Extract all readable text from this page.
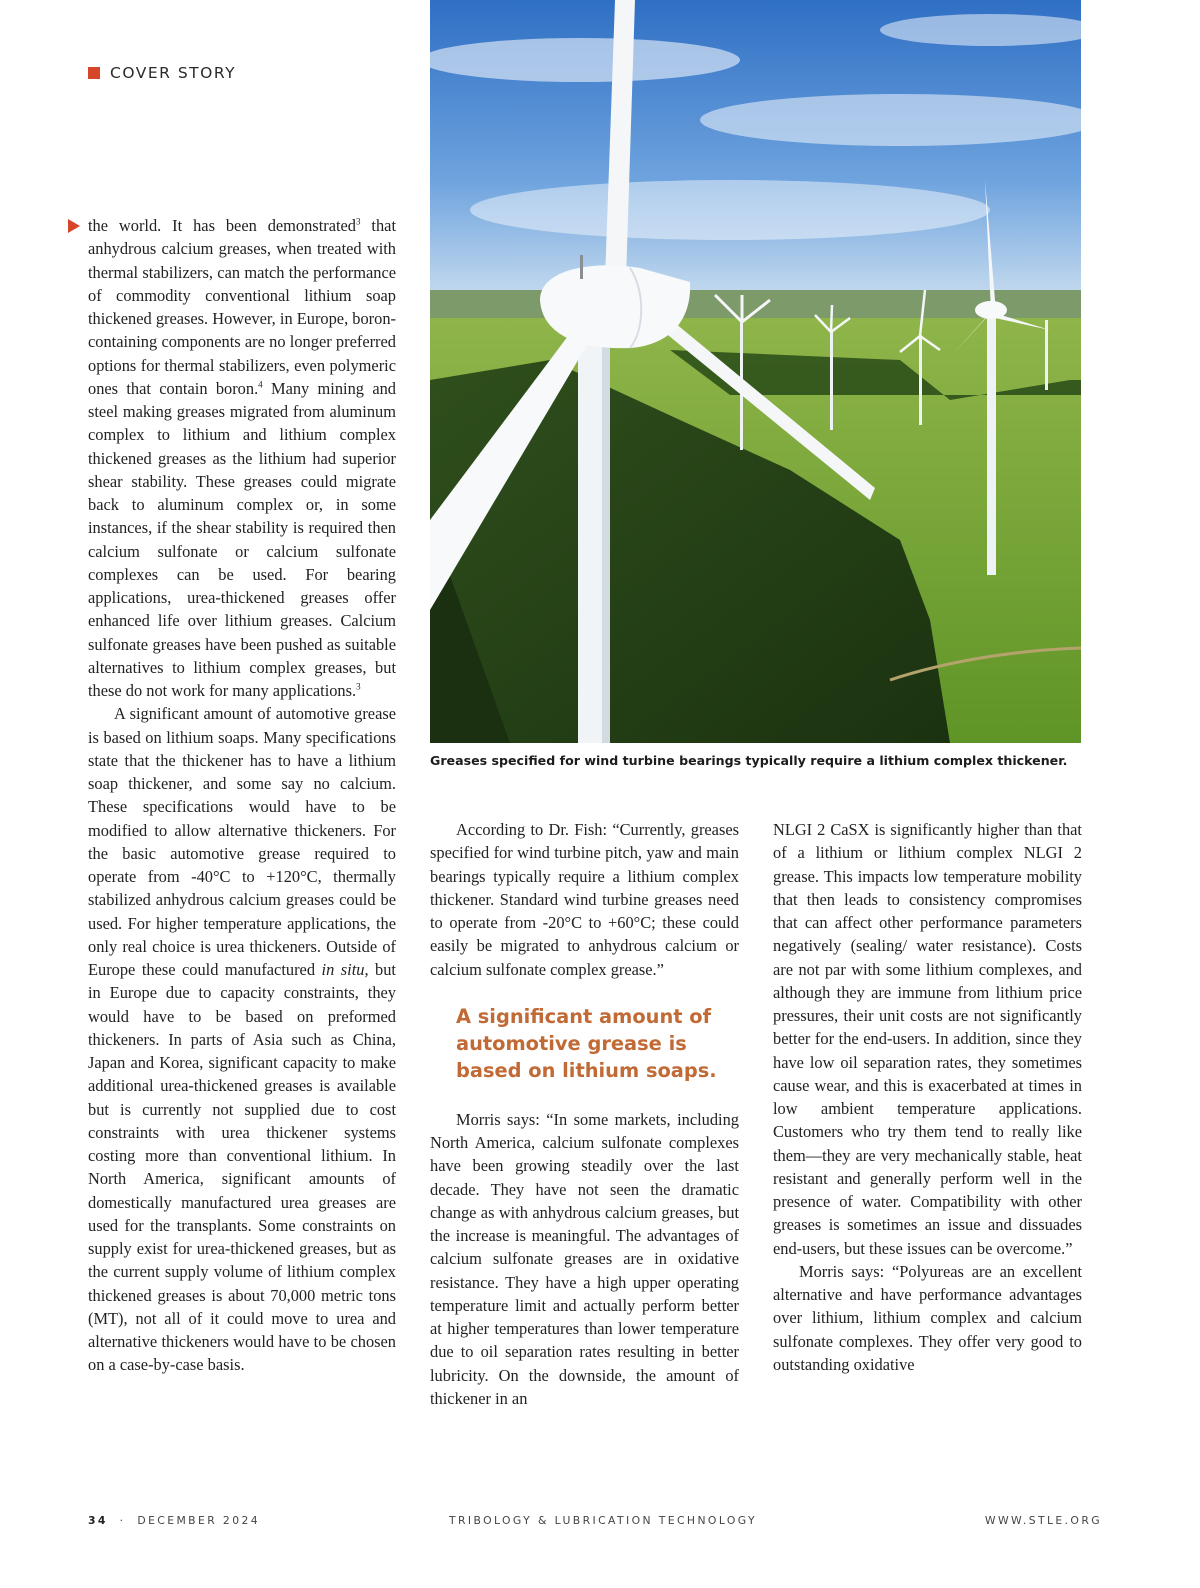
COVER STORY
Greases specified for wind turbine bearings typically require a lithium complex thickener.

the world. It has been demonstrated$^3$ that anhydrous calcium greases, when treated with thermal stabilizers, can match the performance of commodity conventional lithium soap thickened greases. However, in Europe, boron-containing components are no longer preferred options for thermal stabilizers, even polymeric ones that contain boron.$^4$ Many mining and steel making greases migrated from aluminum complex to lithium and lithium complex thickened greases as the lithium had superior shear stability. These greases could migrate back to aluminum complex or, in some instances, if the shear stability is required then calcium sulfonate or calcium sulfonate complexes can be used. For bearing applications, urea-thickened greases offer enhanced life over lithium greases. Calcium sulfonate greases have been pushed as suitable alternatives to lithium complex greases, but these do not work for many applications.$^3$

A significant amount of automotive grease is based on lithium soaps. Many specifications state that the thickener has to have a lithium soap thickener, and some say no calcium. These specifications would have to be modified to allow alternative thickeners. For the basic automotive grease required to operate from -40°C to +120°C, thermally stabilized anhydrous calcium greases could be used. For higher temperature applications, the only real choice is urea thickeners. Outside of Europe these could manufactured in situ, but in Europe due to capacity constraints, they would have to be based on preformed thickeners. In parts of Asia such as China, Japan and Korea, significant capacity to make additional urea-thickened greases is available but is currently not supplied due to cost constraints with urea thickener systems costing more than conventional lithium. In North America, significant amounts of domestically manufactured urea greases are used for the transplants. Some constraints on supply exist for urea-thickened greases, but as the current supply volume of lithium complex thickened greases is about 70,000 metric tons (MT), not all of it could move to urea and alternative thickeners would have to be chosen on a case-by-case basis.

According to Dr. Fish: “Currently, greases specified for wind turbine pitch, yaw and main bearings typically require a lithium complex thickener. Standard wind turbine greases need to operate from -20°C to +60°C; these could easily be migrated to anhydrous calcium or calcium sulfonate complex grease.”

A significant amount of automotive grease is based on lithium soaps.

Morris says: “In some markets, including North America, calcium sulfonate complexes have been growing steadily over the last decade. They have not seen the dramatic change as with anhydrous calcium greases, but the increase is meaningful. The advantages of calcium sulfonate greases are in oxidative resistance. They have a high upper operating temperature limit and actually perform better at higher temperatures than lower temperature due to oil separation rates resulting in better lubricity. On the downside, the amount of thickener in an

NLGI 2 CaSX is significantly higher than that of a lithium or lithium complex NLGI 2 grease. This impacts low temperature mobility that then leads to consistency compromises that can affect other performance parameters negatively (sealing/ water resistance). Costs are not par with some lithium complexes, and although they are immune from lithium price pressures, their unit costs are not significantly better for the end-users. In addition, since they have low oil separation rates, they sometimes cause wear, and this is exacerbated at times in low ambient temperature applications. Customers who try them tend to really like them—they are very mechanically stable, heat resistant and generally perform well in the presence of water. Compatibility with other greases is sometimes an issue and dissuades end-users, but these issues can be overcome.”

Morris says: “Polyureas are an excellent alternative and have performance advantages over lithium, lithium complex and calcium sulfonate complexes. They offer very good to outstanding oxidative

34 · DECEMBER 2024	TRIBOLOGY & LUBRICATION TECHNOLOGY	WWW.STLE.ORG
